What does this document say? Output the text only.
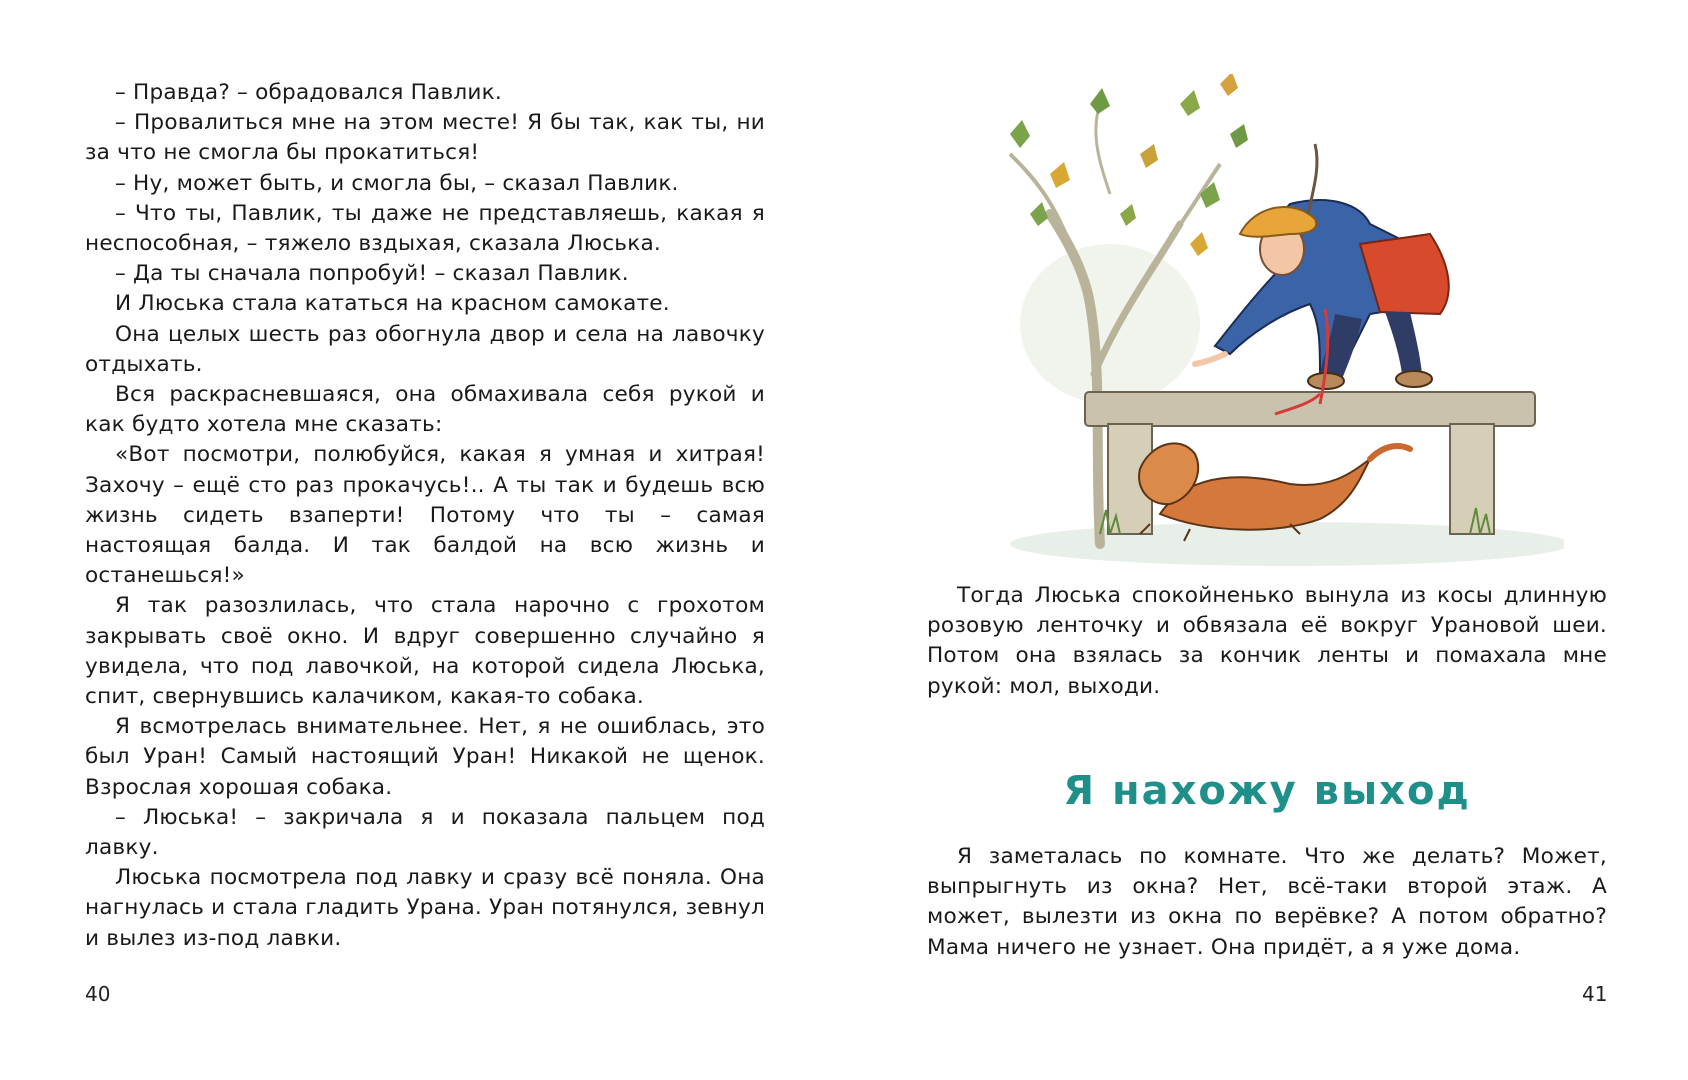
– Правда? – обрадовался Павлик.

– Провалиться мне на этом месте! Я бы так, как ты, ни за что не смогла бы прокатиться!

– Ну, может быть, и смогла бы, – сказал Павлик.

– Что ты, Павлик, ты даже не представляешь, какая я неспособная, – тяжело вздыхая, сказала Люська.

– Да ты сначала попробуй! – сказал Павлик.

И Люська стала кататься на красном самокате.

Она целых шесть раз обогнула двор и села на лавочку отдыхать.

Вся раскрасневшаяся, она обмахивала себя рукой и как будто хотела мне сказать:

«Вот посмотри, полюбуйся, какая я умная и хитрая! Захочу – ещё сто раз прокачусь!.. А ты так и будешь всю жизнь сидеть взаперти! Потому что ты – самая настоящая балда. И так балдой на всю жизнь и останешься!»

Я так разозлилась, что стала нарочно с грохотом закрывать своё окно. И вдруг совершенно случайно я увидела, что под лавочкой, на которой сидела Люська, спит, свернувшись калачиком, какая-то собака.

Я всмотрелась внимательнее. Нет, я не ошиблась, это был Уран! Самый настоящий Уран! Никакой не щенок. Взрослая хорошая собака.

– Люська! – закричала я и показала пальцем под лавку.

Люська посмотрела под лавку и сразу всё поняла. Она нагнулась и стала гладить Урана. Уран потянулся, зевнул и вылез из-под лавки.

40

Тогда Люська спокойненько вынула из косы длинную розовую ленточку и обвязала её вокруг Урановой шеи. Потом она взялась за кончик ленты и помахала мне рукой: мол, выходи.

Я нахожу выход

Я заметалась по комнате. Что же делать? Может, выпрыгнуть из окна? Нет, всё-таки второй этаж. А может, вылезти из окна по верёвке? А потом обратно? Мама ничего не узнает. Она придёт, а я уже дома.

41
